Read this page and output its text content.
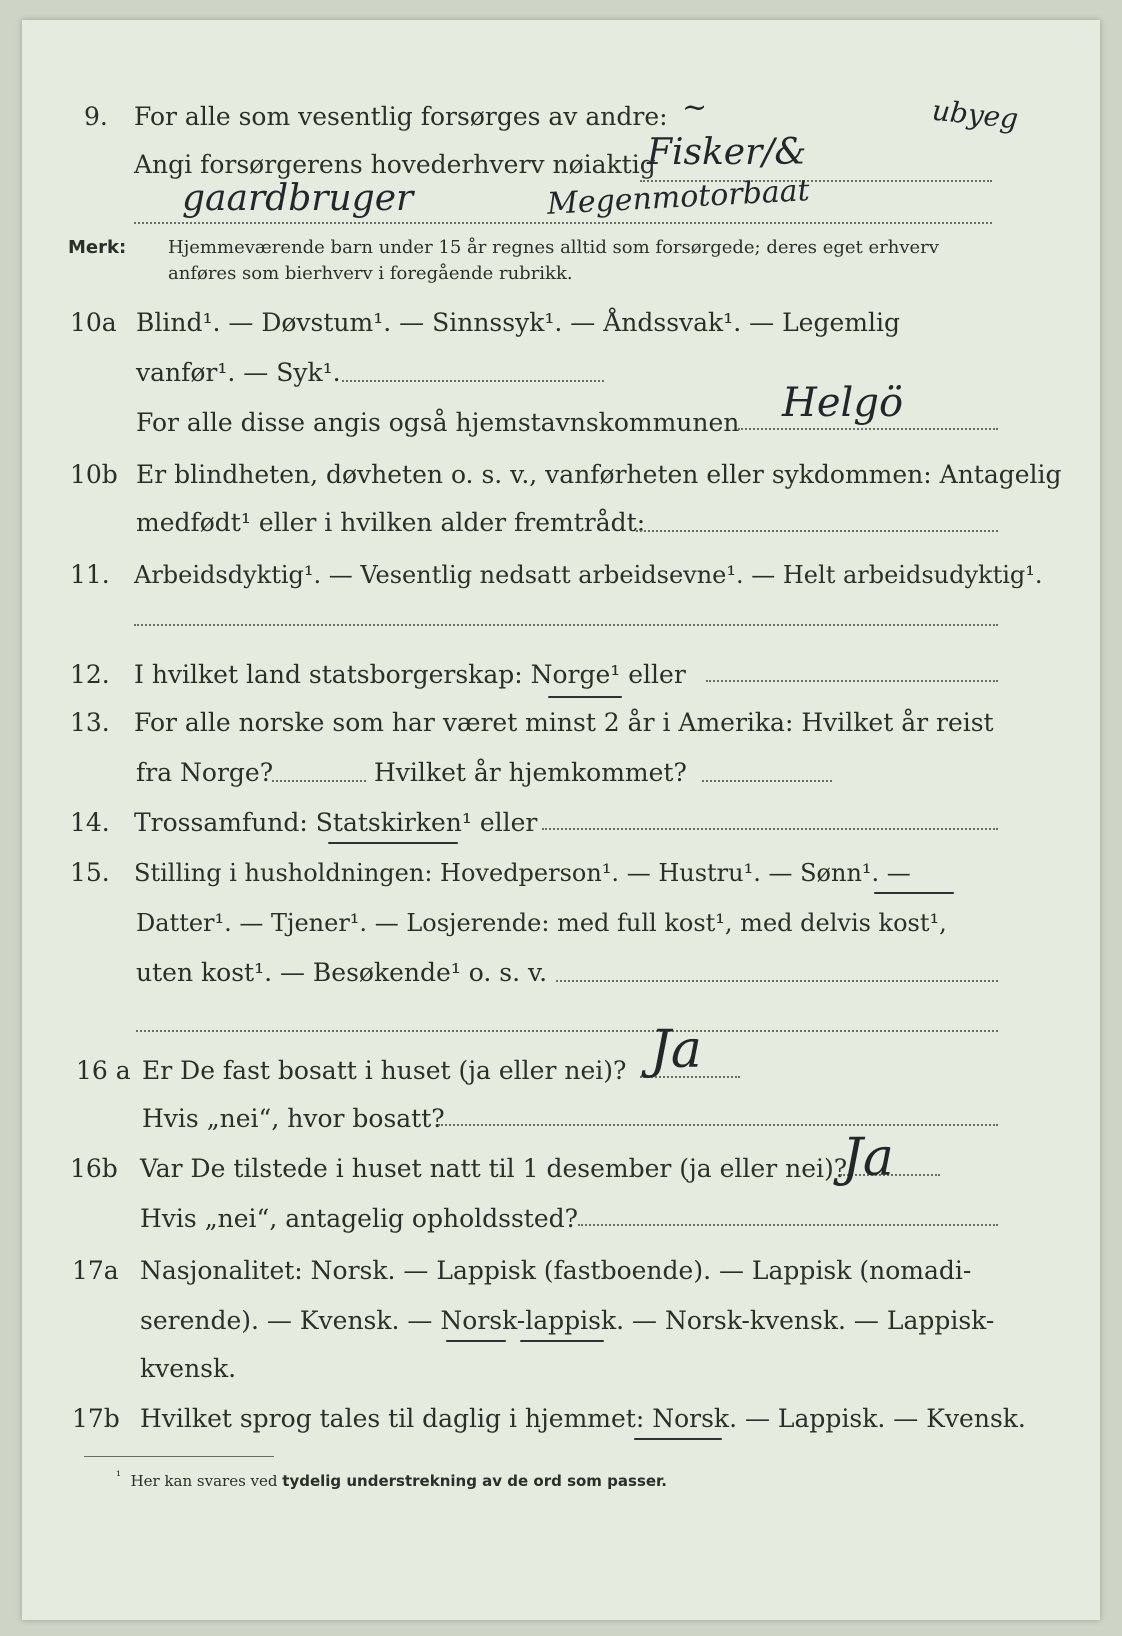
9. For alle som vesentlig forsørges av andre: ~	ubyeg
Angi forsørgerens hovederhverv nøiaktig
Fisker/&
gaardbruger	Megenmotorbaat
Merk: Hjemmeværende barn under 15 år regnes alltid som forsørgede; deres eget erhverv
anføres som bierhverv i foregående rubrikk.
10a Blind¹. — Døvstum¹. — Sinnssyk¹. — Åndssvak¹. — Legemlig
vanfør¹. — Syk¹.
For alle disse angis også hjemstavnskommunen Helgö
10b Er blindheten, døvheten o. s. v., vanførheten eller sykdommen: Antagelig
medfødt¹ eller i hvilken alder fremtrådt:
11. Arbeidsdyktig¹. — Vesentlig nedsatt arbeidsevne¹. — Helt arbeidsudyktig¹.
12. I hvilket land statsborgerskap: Norge¹ eller
13. For alle norske som har været minst 2 år i Amerika: Hvilket år reist
fra Norge?	Hvilket år hjemkommet?
14. Trossamfund: Statskirken¹ eller
15. Stilling i husholdningen: Hovedperson¹. — Hustru¹. — Sønn¹. —
Datter¹. — Tjener¹. — Losjerende: med full kost¹, med delvis kost¹,
uten kost¹. — Besøkende¹ o. s. v.
16 a Er De fast bosatt i huset (ja eller nei)? Ja
Hvis „nei“, hvor bosatt?
16b Var De tilstede i huset natt til 1 desember (ja eller nei)?
Ja
Hvis „nei“, antagelig opholdssted?
17a Nasjonalitet: Norsk. — Lappisk (fastboende). — Lappisk (nomadi-
serende). — Kvensk. — Norsk-lappisk. — Norsk-kvensk. — Lappisk-
kvensk.
17b Hvilket sprog tales til daglig i hjemmet: Norsk. — Lappisk. — Kvensk.
$^{^1}$ Her kan svares ved tydelig understrekning av de ord som passer.
